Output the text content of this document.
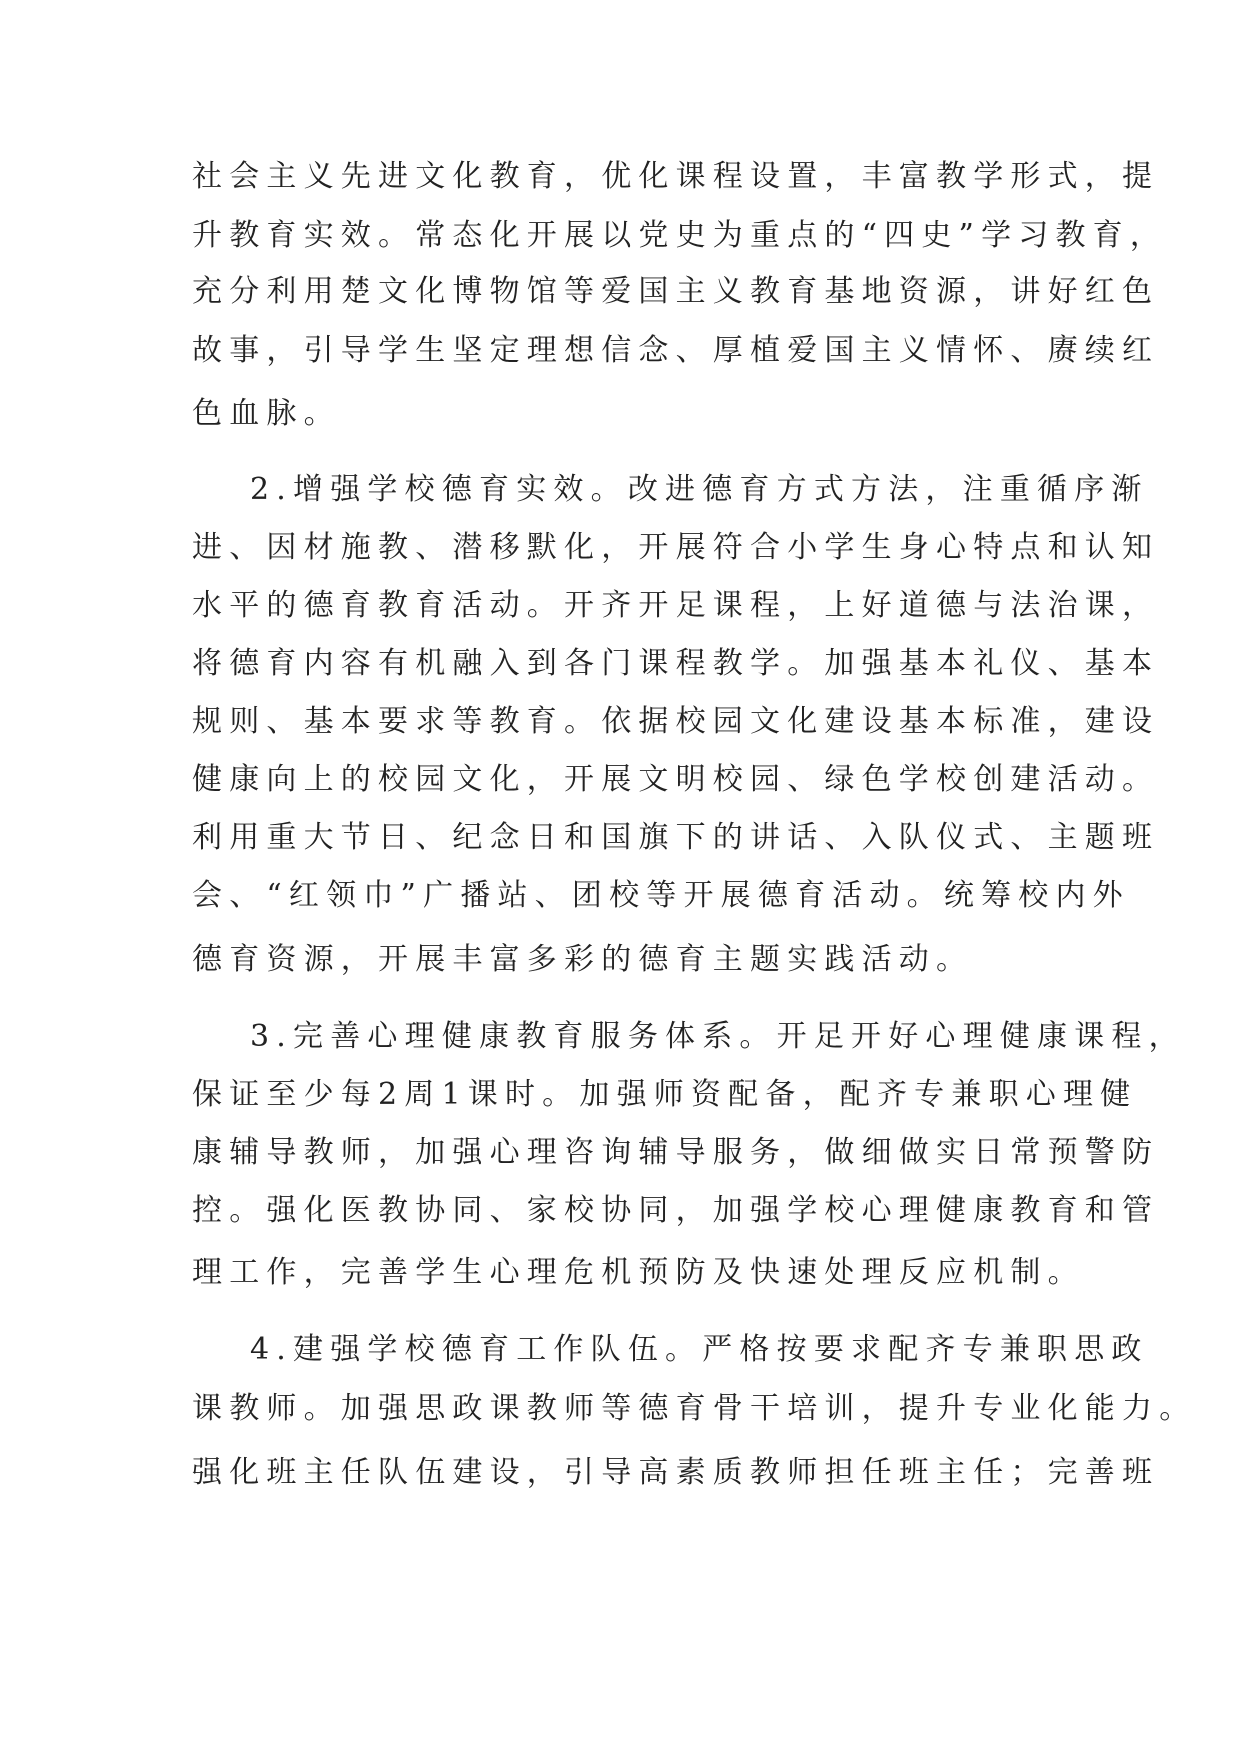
社会主义先进文化教育，优化课程设置，丰富教学形式，提

升教育实效。常态化开展以党史为重点的“四史”学习教育，

充分利用楚文化博物馆等爱国主义教育基地资源，讲好红色

故事，引导学生坚定理想信念、厚植爱国主义情怀、赓续红

色血脉。

2.增强学校德育实效。改进德育方式方法，注重循序渐

进、因材施教、潜移默化，开展符合小学生身心特点和认知

水平的德育教育活动。开齐开足课程，上好道德与法治课，

将德育内容有机融入到各门课程教学。加强基本礼仪、基本

规则、基本要求等教育。依据校园文化建设基本标准，建设

健康向上的校园文化，开展文明校园、绿色学校创建活动。

利用重大节日、纪念日和国旗下的讲话、入队仪式、主题班

会、“红领巾”广播站、团校等开展德育活动。统筹校内外

德育资源，开展丰富多彩的德育主题实践活动。

3.完善心理健康教育服务体系。开足开好心理健康课程，

保证至少每2周1课时。加强师资配备，配齐专兼职心理健

康辅导教师，加强心理咨询辅导服务，做细做实日常预警防

控。强化医教协同、家校协同，加强学校心理健康教育和管

理工作，完善学生心理危机预防及快速处理反应机制。

4.建强学校德育工作队伍。严格按要求配齐专兼职思政

课教师。加强思政课教师等德育骨干培训，提升专业化能力。

强化班主任队伍建设，引导高素质教师担任班主任；完善班
